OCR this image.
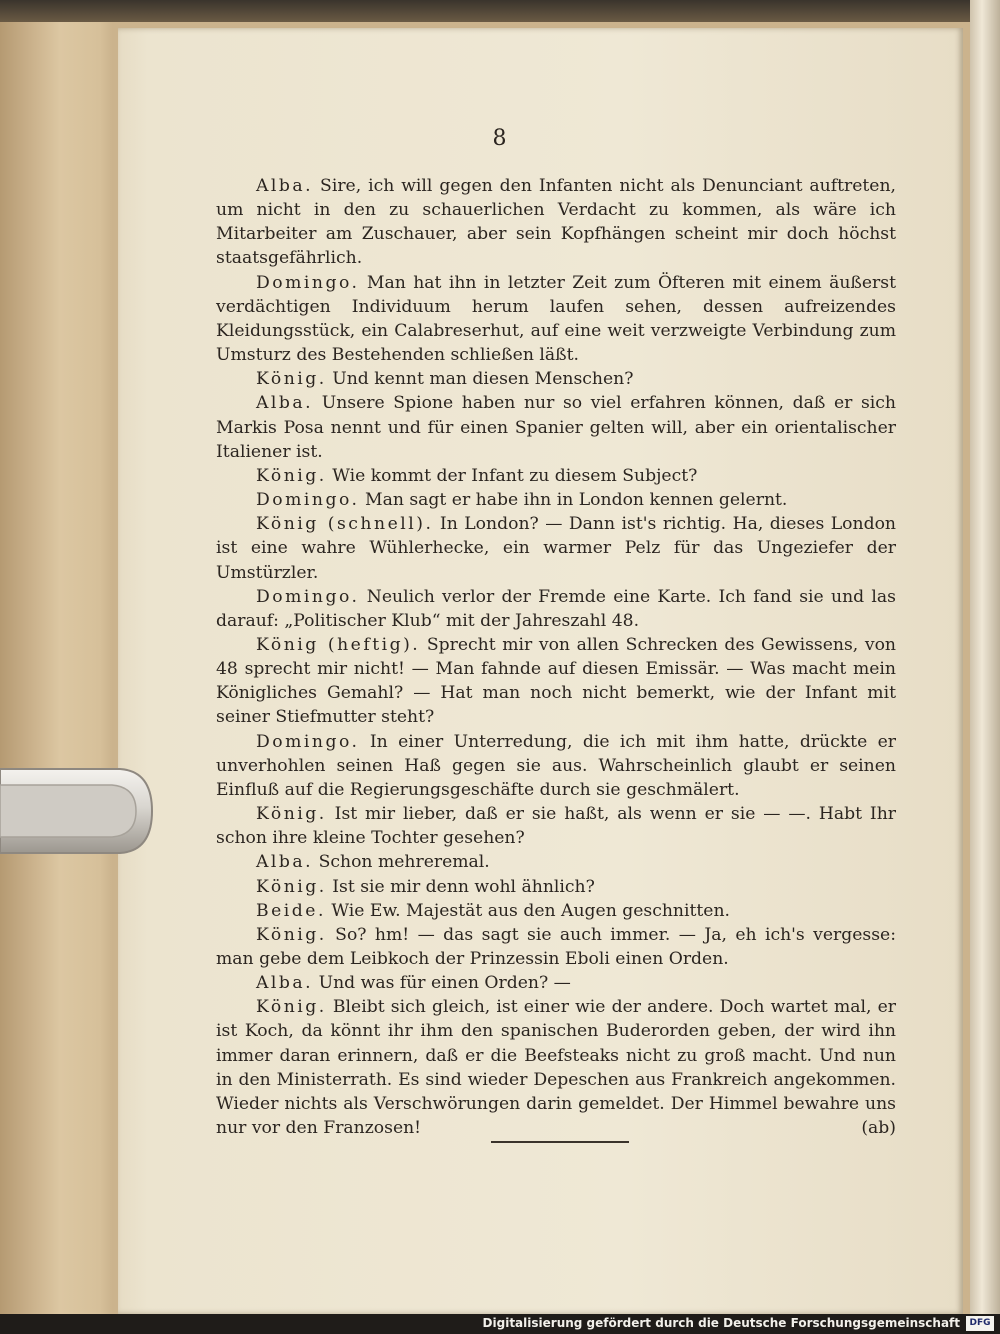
8

Alba. Sire, ich will gegen den Infanten nicht als Denunciant auftreten, um nicht in den zu schauerlichen Verdacht zu kommen, als wäre ich Mitarbeiter am Zuschauer, aber sein Kopfhängen scheint mir doch höchst staatsgefährlich.

Domingo. Man hat ihn in letzter Zeit zum Öfteren mit einem äußerst verdächtigen Individuum herum laufen sehen, dessen aufreizendes Kleidungsstück, ein Calabreserhut, auf eine weit verzweigte Verbindung zum Umsturz des Bestehenden schließen läßt.

König. Und kennt man diesen Menschen?

Alba. Unsere Spione haben nur so viel erfahren können, daß er sich Markis Posa nennt und für einen Spanier gelten will, aber ein orientalischer Italiener ist.

König. Wie kommt der Infant zu diesem Subject?

Domingo. Man sagt er habe ihn in London kennen gelernt.

König (schnell). In London? — Dann ist's richtig. Ha, dieses London ist eine wahre Wühlerhecke, ein warmer Pelz für das Ungeziefer der Umstürzler.

Domingo. Neulich verlor der Fremde eine Karte. Ich fand sie und las darauf: „Politischer Klub“ mit der Jahreszahl 48.

König (heftig). Sprecht mir von allen Schrecken des Gewissens, von 48 sprecht mir nicht! — Man fahnde auf diesen Emissär. — Was macht mein Königliches Gemahl? — Hat man noch nicht bemerkt, wie der Infant mit seiner Stiefmutter steht?

Domingo. In einer Unterredung, die ich mit ihm hatte, drückte er unverhohlen seinen Haß gegen sie aus. Wahrscheinlich glaubt er seinen Einfluß auf die Regierungsgeschäfte durch sie geschmälert.

König. Ist mir lieber, daß er sie haßt, als wenn er sie — —. Habt Ihr schon ihre kleine Tochter gesehen?

Alba. Schon mehreremal.

König. Ist sie mir denn wohl ähnlich?

Beide. Wie Ew. Majestät aus den Augen geschnitten.

König. So? hm! — das sagt sie auch immer. — Ja, eh ich's vergesse: man gebe dem Leibkoch der Prinzessin Eboli einen Orden.

Alba. Und was für einen Orden? —

König. Bleibt sich gleich, ist einer wie der andere. Doch wartet mal, er ist Koch, da könnt ihr ihm den spanischen Buderorden geben, der wird ihn immer daran erinnern, daß er die Beefsteaks nicht zu groß macht. Und nun in den Ministerrath. Es sind wieder Depeschen aus Frankreich angekommen. Wieder nichts als Verschwörungen darin gemeldet. Der Himmel bewahre uns nur vor den Franzosen!	(ab)

Digitalisierung gefördert durch die Deutsche Forschungsgemeinschaft	DFG
